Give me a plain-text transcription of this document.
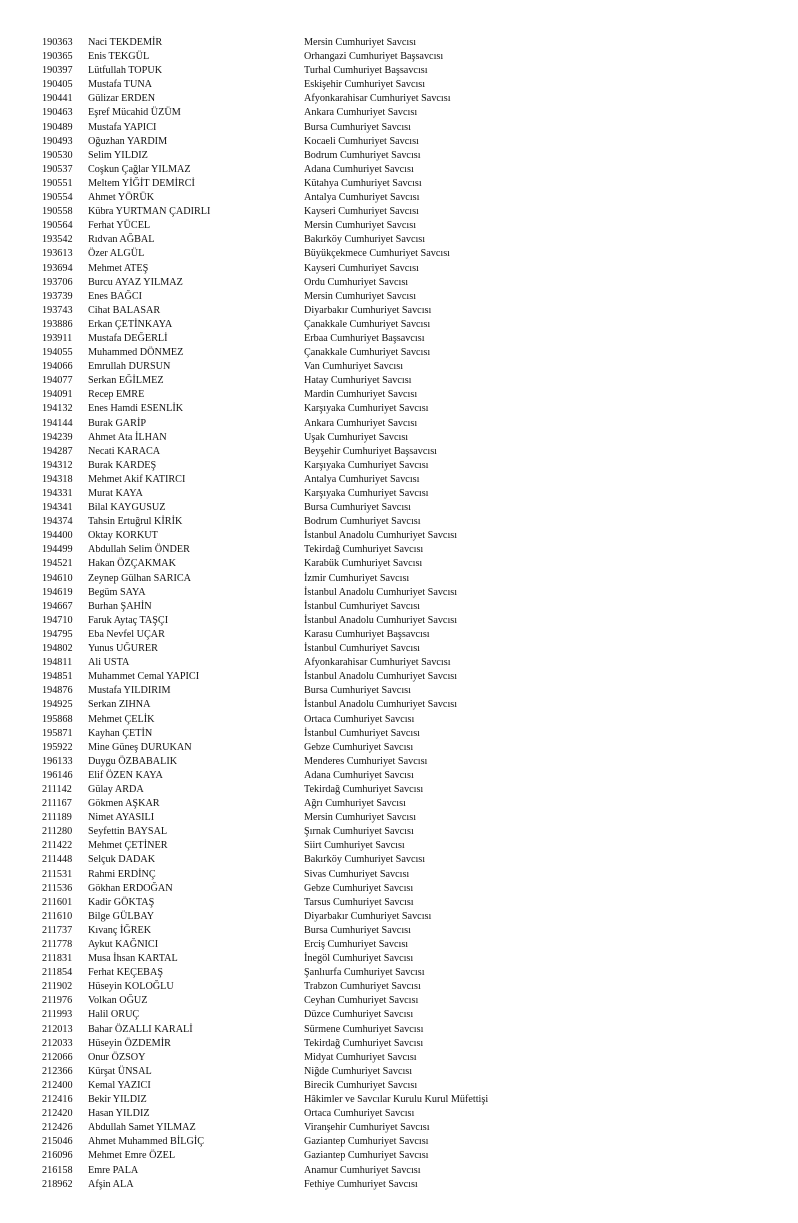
190363	Naci TEKDEMİR	Mersin Cumhuriyet Savcısı
190365	Enis TEKGÜL	Orhangazi Cumhuriyet Başsavcısı
190397	Lütfullah TOPUK	Turhal Cumhuriyet Başsavcısı
190405	Mustafa TUNA	Eskişehir Cumhuriyet Savcısı
190441	Gülizar ERDEN	Afyonkarahisar Cumhuriyet Savcısı
190463	Eşref Mücahid ÜZÜM	Ankara Cumhuriyet Savcısı
190489	Mustafa YAPICI	Bursa Cumhuriyet Savcısı
190493	Oğuzhan YARDIM	Kocaeli Cumhuriyet Savcısı
190530	Selim YILDIZ	Bodrum Cumhuriyet Savcısı
190537	Coşkun Çağlar YILMAZ	Adana Cumhuriyet Savcısı
190551	Meltem YİĞİT DEMİRCİ	Kütahya Cumhuriyet Savcısı
190554	Ahmet YÖRÜK	Antalya Cumhuriyet Savcısı
190558	Kübra YURTMAN ÇADIRLI	Kayseri Cumhuriyet Savcısı
190564	Ferhat YÜCEL	Mersin Cumhuriyet Savcısı
193542	Rıdvan AĞBAL	Bakırköy Cumhuriyet Savcısı
193613	Özer ALGÜL	Büyükçekmece Cumhuriyet Savcısı
193694	Mehmet ATEŞ	Kayseri Cumhuriyet Savcısı
193706	Burcu AYAZ YILMAZ	Ordu Cumhuriyet Savcısı
193739	Enes BAĞCI	Mersin Cumhuriyet Savcısı
193743	Cihat BALASAR	Diyarbakır Cumhuriyet Savcısı
193886	Erkan ÇETİNKAYA	Çanakkale Cumhuriyet Savcısı
193911	Mustafa DEĞERLİ	Erbaa Cumhuriyet Başsavcısı
194055	Muhammed DÖNMEZ	Çanakkale Cumhuriyet Savcısı
194066	Emrullah DURSUN	Van Cumhuriyet Savcısı
194077	Serkan EĞİLMEZ	Hatay Cumhuriyet Savcısı
194091	Recep EMRE	Mardin Cumhuriyet Savcısı
194132	Enes Hamdi ESENLİK	Karşıyaka Cumhuriyet Savcısı
194144	Burak GARİP	Ankara Cumhuriyet Savcısı
194239	Ahmet Ata İLHAN	Uşak Cumhuriyet Savcısı
194287	Necati KARACA	Beyşehir Cumhuriyet Başsavcısı
194312	Burak KARDEŞ	Karşıyaka Cumhuriyet Savcısı
194318	Mehmet Akif KATIRCI	Antalya Cumhuriyet Savcısı
194331	Murat KAYA	Karşıyaka Cumhuriyet Savcısı
194341	Bilal KAYGUSUZ	Bursa Cumhuriyet Savcısı
194374	Tahsin Ertuğrul KİRİK	Bodrum Cumhuriyet Savcısı
194400	Oktay KORKUT	İstanbul Anadolu Cumhuriyet Savcısı
194499	Abdullah Selim ÖNDER	Tekirdağ Cumhuriyet Savcısı
194521	Hakan ÖZÇAKMAK	Karabük Cumhuriyet Savcısı
194610	Zeynep Gülhan SARICA	İzmir Cumhuriyet Savcısı
194619	Begüm SAYA	İstanbul Anadolu Cumhuriyet Savcısı
194667	Burhan ŞAHİN	İstanbul Cumhuriyet Savcısı
194710	Faruk Aytaç TAŞÇI	İstanbul Anadolu Cumhuriyet Savcısı
194795	Eba Nevfel UÇAR	Karasu Cumhuriyet Başsavcısı
194802	Yunus UĞURER	İstanbul Cumhuriyet Savcısı
194811	Ali USTA	Afyonkarahisar Cumhuriyet Savcısı
194851	Muhammet Cemal YAPICI	İstanbul Anadolu Cumhuriyet Savcısı
194876	Mustafa YILDIRIM	Bursa Cumhuriyet Savcısı
194925	Serkan ZIHNA	İstanbul Anadolu Cumhuriyet Savcısı
195868	Mehmet ÇELİK	Ortaca Cumhuriyet Savcısı
195871	Kayhan ÇETİN	İstanbul Cumhuriyet Savcısı
195922	Mine Güneş DURUKAN	Gebze Cumhuriyet Savcısı
196133	Duygu ÖZBABALIK	Menderes Cumhuriyet Savcısı
196146	Elif ÖZEN KAYA	Adana Cumhuriyet Savcısı
211142	Gülay ARDA	Tekirdağ Cumhuriyet Savcısı
211167	Gökmen AŞKAR	Ağrı Cumhuriyet Savcısı
211189	Nimet AYASILI	Mersin Cumhuriyet Savcısı
211280	Seyfettin BAYSAL	Şırnak Cumhuriyet Savcısı
211422	Mehmet ÇETİNER	Siirt Cumhuriyet Savcısı
211448	Selçuk DADAK	Bakırköy Cumhuriyet Savcısı
211531	Rahmi ERDİNÇ	Sivas Cumhuriyet Savcısı
211536	Gökhan ERDOĞAN	Gebze Cumhuriyet Savcısı
211601	Kadir GÖKTAŞ	Tarsus Cumhuriyet Savcısı
211610	Bilge GÜLBAY	Diyarbakır Cumhuriyet Savcısı
211737	Kıvanç İĞREK	Bursa Cumhuriyet Savcısı
211778	Aykut KAĞNICI	Erciş Cumhuriyet Savcısı
211831	Musa İhsan KARTAL	İnegöl Cumhuriyet Savcısı
211854	Ferhat KEÇEBAŞ	Şanlıurfa Cumhuriyet Savcısı
211902	Hüseyin KOLOĞLU	Trabzon Cumhuriyet Savcısı
211976	Volkan OĞUZ	Ceyhan Cumhuriyet Savcısı
211993	Halil ORUÇ	Düzce Cumhuriyet Savcısı
212013	Bahar ÖZALLI KARALİ	Sürmene Cumhuriyet Savcısı
212033	Hüseyin ÖZDEMİR	Tekirdağ Cumhuriyet Savcısı
212066	Onur ÖZSOY	Midyat Cumhuriyet Savcısı
212366	Kürşat ÜNSAL	Niğde Cumhuriyet Savcısı
212400	Kemal YAZICI	Birecik Cumhuriyet Savcısı
212416	Bekir YILDIZ	Hâkimler ve Savcılar Kurulu Kurul Müfettişi
212420	Hasan YILDIZ	Ortaca Cumhuriyet Savcısı
212426	Abdullah Samet YILMAZ	Viranşehir Cumhuriyet Savcısı
215046	Ahmet Muhammed BİLGİÇ	Gaziantep Cumhuriyet Savcısı
216096	Mehmet Emre ÖZEL	Gaziantep Cumhuriyet Savcısı
216158	Emre PALA	Anamur Cumhuriyet Savcısı
218962	Afşin ALA	Fethiye Cumhuriyet Savcısı
